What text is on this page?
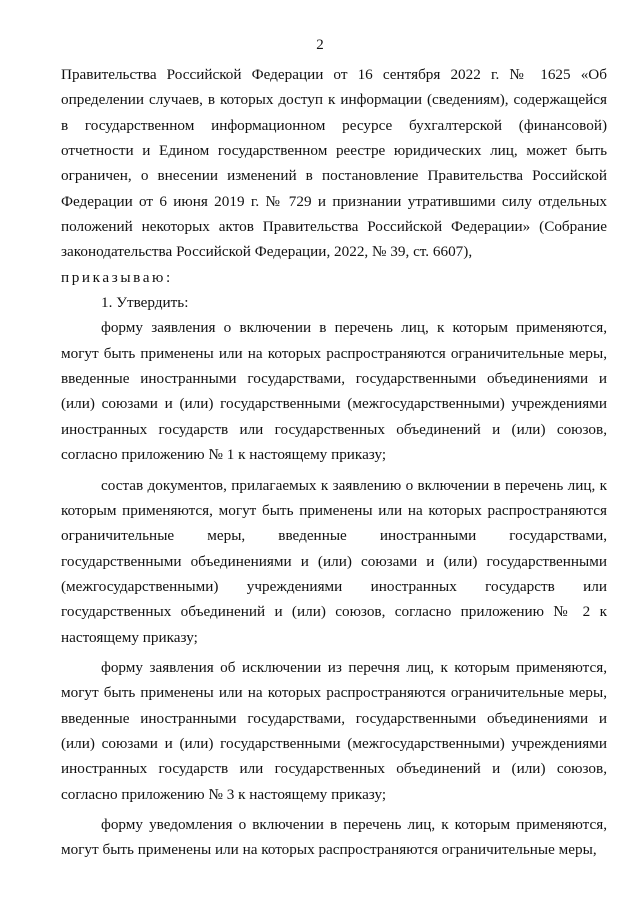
2

Правительства Российской Федерации от 16 сентября 2022 г. № 1625 «Об определении случаев, в которых доступ к информации (сведениям), содержащейся в государственном информационном ресурсе бухгалтерской (финансовой) отчетности и Едином государственном реестре юридических лиц, может быть ограничен, о внесении изменений в постановление Правительства Российской Федерации от 6 июня 2019 г. № 729 и признании утратившими силу отдельных положений некоторых актов Правительства Российской Федерации» (Собрание законодательства Российской Федерации, 2022, № 39, ст. 6607),
приказываю:

1. Утвердить:

форму заявления о включении в перечень лиц, к которым применяются, могут быть применены или на которых распространяются ограничительные меры, введенные иностранными государствами, государственными объединениями и (или) союзами и (или) государственными (межгосударственными) учреждениями иностранных государств или государственных объединений и (или) союзов, согласно приложению № 1 к настоящему приказу;

состав документов, прилагаемых к заявлению о включении в перечень лиц, к которым применяются, могут быть применены или на которых распространяются ограничительные меры, введенные иностранными государствами, государственными объединениями и (или) союзами и (или) государственными (межгосударственными) учреждениями иностранных государств или государственных объединений и (или) союзов, согласно приложению № 2 к настоящему приказу;

форму заявления об исключении из перечня лиц, к которым применяются, могут быть применены или на которых распространяются ограничительные меры, введенные иностранными государствами, государственными объединениями и (или) союзами и (или) государственными (межгосударственными) учреждениями иностранных государств или государственных объединений и (или) союзов, согласно приложению № 3 к настоящему приказу;

форму уведомления о включении в перечень лиц, к которым применяются, могут быть применены или на которых распространяются ограничительные меры,
